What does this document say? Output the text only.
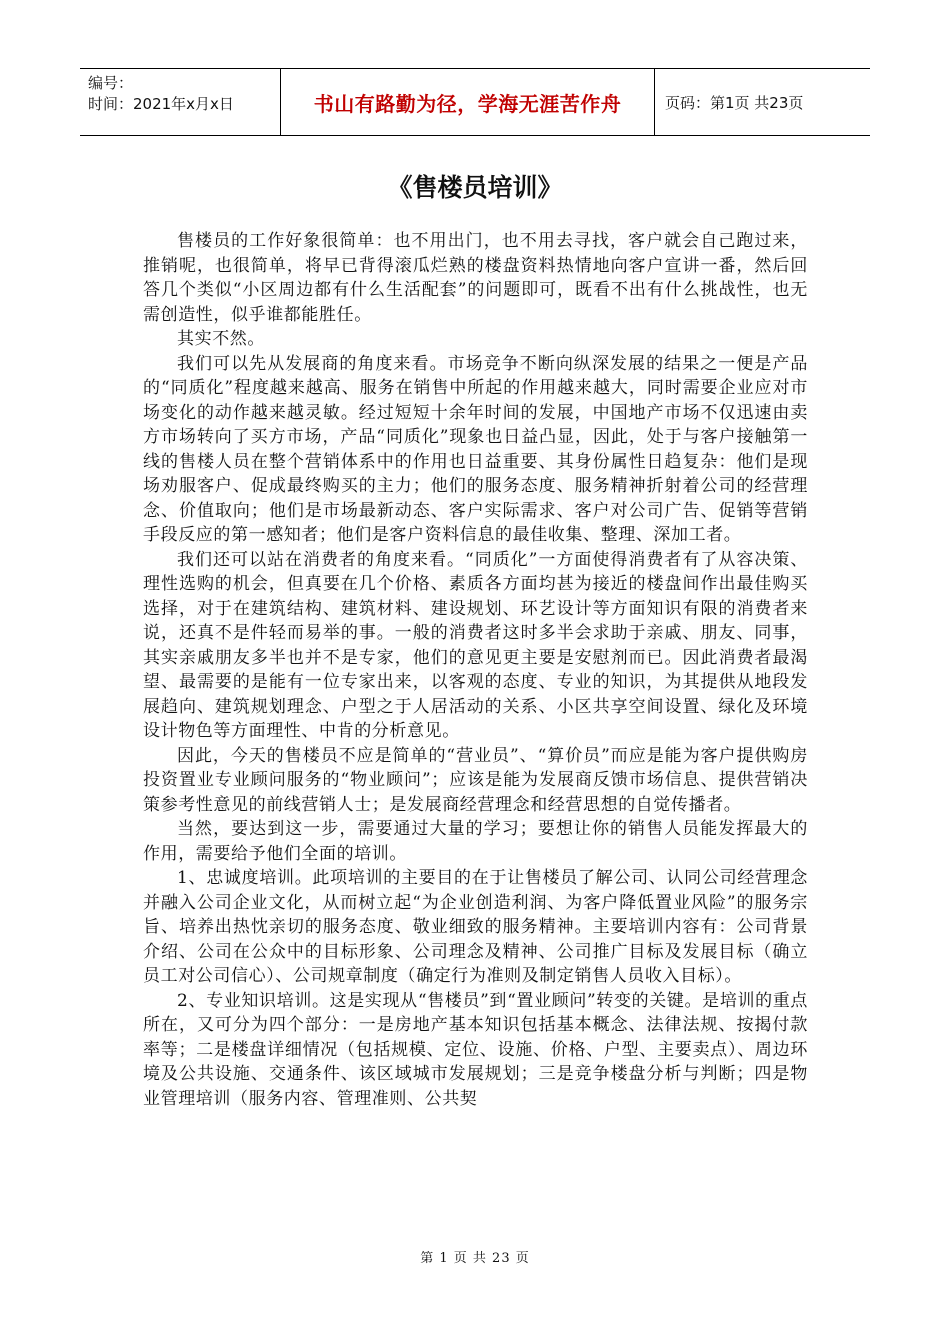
编号：
时间：2021年x月x日	书山有路勤为径，学海无涯苦作舟	页码：第1页 共23页
《售楼员培训》

售楼员的工作好象很简单：也不用出门，也不用去寻找，客户就会自己跑过来，推销呢，也很简单，将早已背得滚瓜烂熟的楼盘资料热情地向客户宣讲一番，然后回答几个类似“小区周边都有什么生活配套”的问题即可，既看不出有什么挑战性，也无需创造性，似乎谁都能胜任。

其实不然。

我们可以先从发展商的角度来看。市场竞争不断向纵深发展的结果之一便是产品的“同质化”程度越来越高、服务在销售中所起的作用越来越大，同时需要企业应对市场变化的动作越来越灵敏。经过短短十余年时间的发展，中国地产市场不仅迅速由卖方市场转向了买方市场，产品“同质化”现象也日益凸显，因此，处于与客户接触第一线的售楼人员在整个营销体系中的作用也日益重要、其身份属性日趋复杂：他们是现场劝服客户、促成最终购买的主力；他们的服务态度、服务精神折射着公司的经营理念、价值取向；他们是市场最新动态、客户实际需求、客户对公司广告、促销等营销手段反应的第一感知者；他们是客户资料信息的最佳收集、整理、深加工者。

我们还可以站在消费者的角度来看。“同质化”一方面使得消费者有了从容决策、理性选购的机会，但真要在几个价格、素质各方面均甚为接近的楼盘间作出最佳购买选择，对于在建筑结构、建筑材料、建设规划、环艺设计等方面知识有限的消费者来说，还真不是件轻而易举的事。一般的消费者这时多半会求助于亲戚、朋友、同事，其实亲戚朋友多半也并不是专家，他们的意见更主要是安慰剂而已。因此消费者最渴望、最需要的是能有一位专家出来，以客观的态度、专业的知识，为其提供从地段发展趋向、建筑规划理念、户型之于人居活动的关系、小区共享空间设置、绿化及环境设计物色等方面理性、中肯的分析意见。

因此，今天的售楼员不应是简单的“营业员”、“算价员”而应是能为客户提供购房投资置业专业顾问服务的“物业顾问”；应该是能为发展商反馈市场信息、提供营销决策参考性意见的前线营销人士；是发展商经营理念和经营思想的自觉传播者。

当然，要达到这一步，需要通过大量的学习；要想让你的销售人员能发挥最大的作用，需要给予他们全面的培训。

1、忠诚度培训。此项培训的主要目的在于让售楼员了解公司、认同公司经营理念并融入公司企业文化，从而树立起“为企业创造利润、为客户降低置业风险”的服务宗旨、培养出热忱亲切的服务态度、敬业细致的服务精神。主要培训内容有：公司背景介绍、公司在公众中的目标形象、公司理念及精神、公司推广目标及发展目标（确立员工对公司信心）、公司规章制度（确定行为准则及制定销售人员收入目标）。

2、专业知识培训。这是实现从“售楼员”到“置业顾问”转变的关键。是培训的重点所在，又可分为四个部分：一是房地产基本知识包括基本概念、法律法规、按揭付款率等；二是楼盘详细情况（包括规模、定位、设施、价格、户型、主要卖点）、周边环境及公共设施、交通条件、该区域城市发展规划；三是竞争楼盘分析与判断；四是物业管理培训（服务内容、管理准则、公共契

第 1 页 共 23 页
